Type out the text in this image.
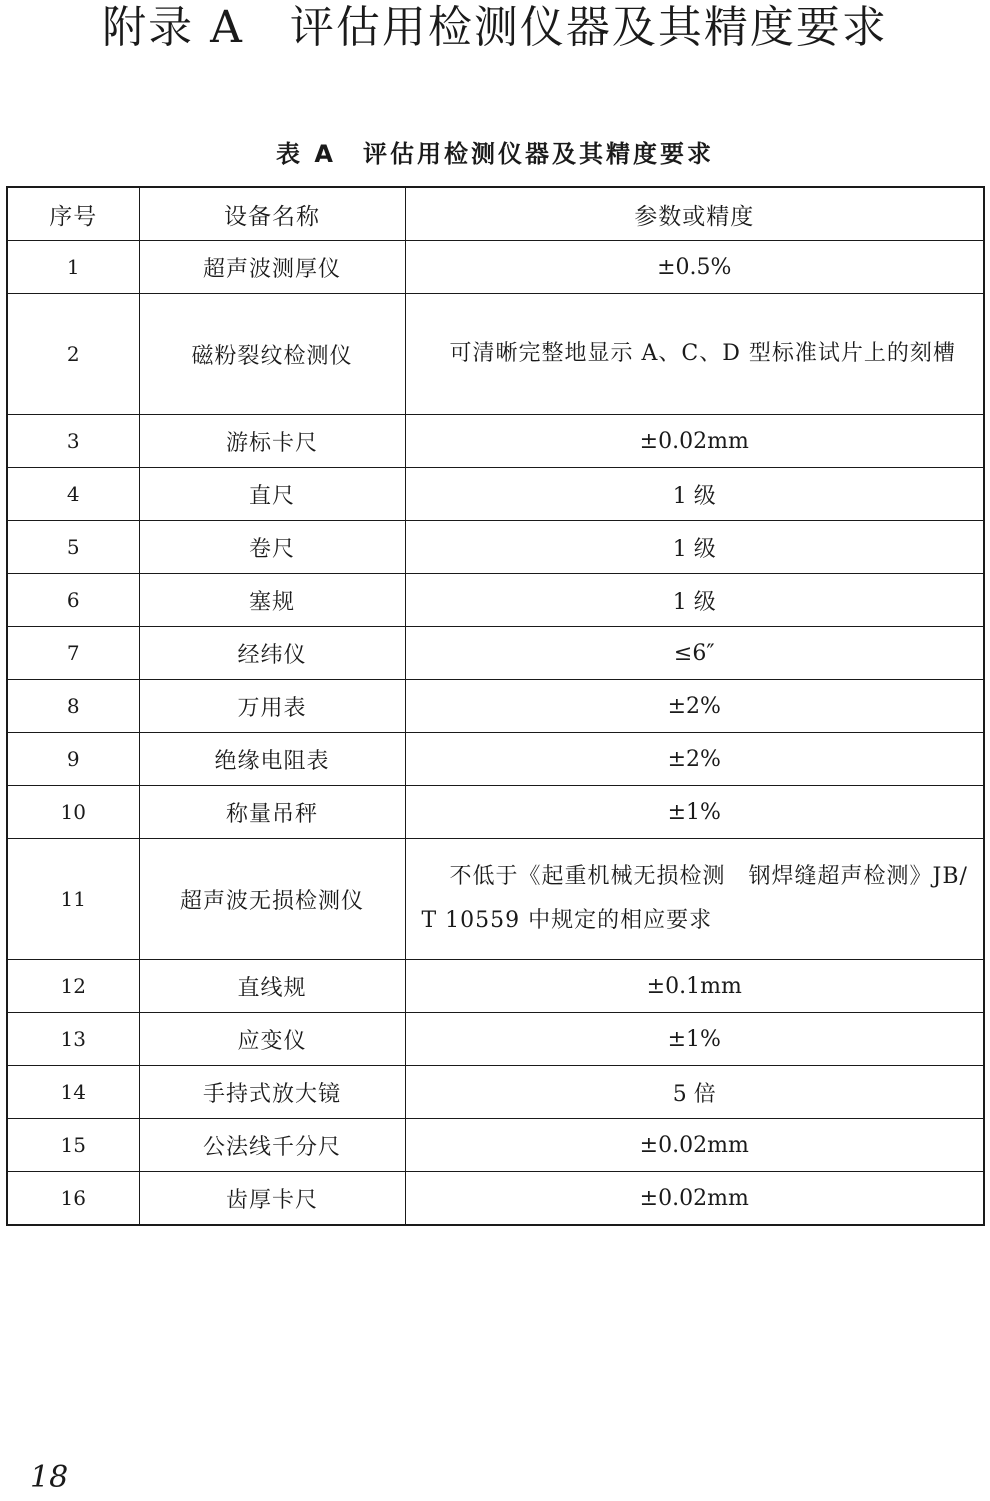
附录 A　评估用检测仪器及其精度要求
表 A　评估用检测仪器及其精度要求
序号	设备名称	参数或精度
1	超声波测厚仪	±0.5%
2	磁粉裂纹检测仪	可清晰完整地显示 A、C、D 型标准试片上的刻槽
3	游标卡尺	±0.02mm
4	直尺	1 级
5	卷尺	1 级
6	塞规	1 级
7	经纬仪	≤6″
8	万用表	±2%
9	绝缘电阻表	±2%
10	称量吊秤	±1%
11	超声波无损检测仪	不低于《起重机械无损检测　钢焊缝超声检测》JB/T 10559 中规定的相应要求
12	直线规	±0.1mm
13	应变仪	±1%
14	手持式放大镜	5 倍
15	公法线千分尺	±0.02mm
16	齿厚卡尺	±0.02mm
18
